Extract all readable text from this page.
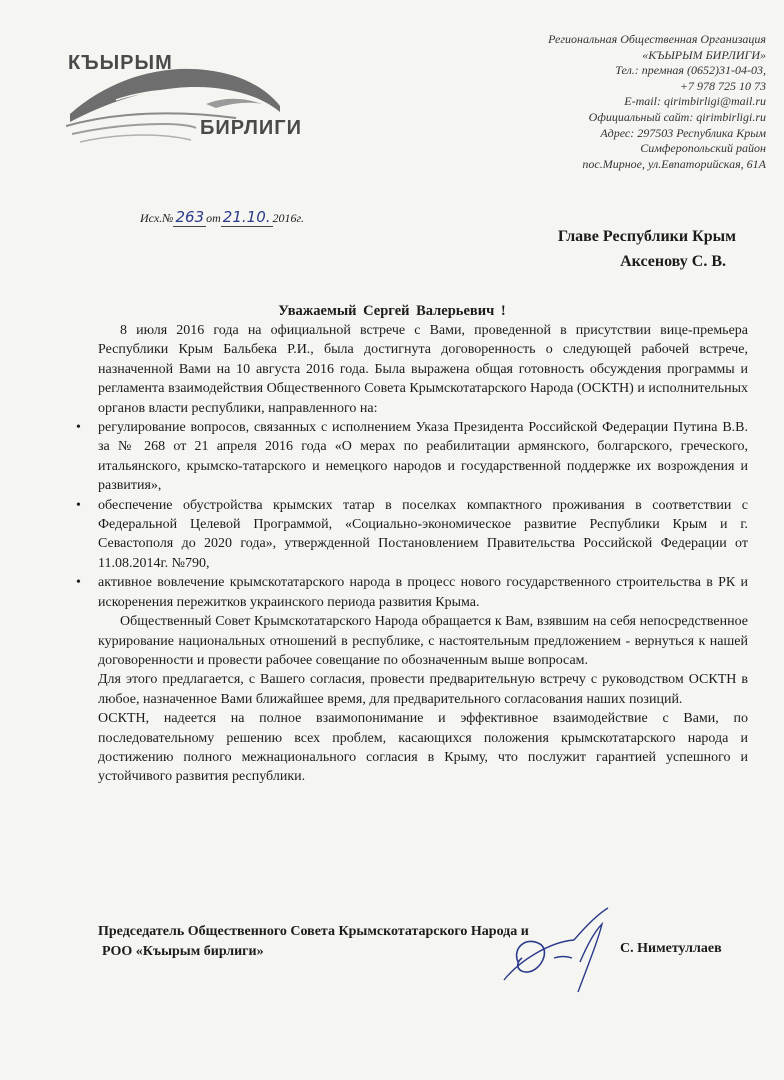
КЪЫРЫМ
БИРЛИГИ
Региональная Общественная Организация
«КЪЫРЫМ БИРЛИГИ»
Тел.: премная (0652)31-04-03,
+7 978 725 10 73
E-mail: qirimbirligi@mail.ru
Официальный сайт: qirimbirligi.ru
Адрес: 297503 Республика Крым
Симферопольский район
пос.Мирное, ул.Евпаторийская, 61А
Исх.№ 263 от 21.10. 2016г.
Главе Республики Крым
Аксенову С. В.
Уважаемый Сергей Валерьевич !

8 июля 2016 года на официальной встрече с Вами, проведенной в присутствии вице-премьера Республики Крым Бальбека Р.И., была достигнута договоренность о следующей рабочей встрече, назначенной Вами на 10 августа 2016 года. Была выражена общая готовность обсуждения программы и регламента взаимодействия Общественного Совета Крымскотатарского Народа (ОСКТН) и исполнительных органов власти республики, направленного на:

• регулирование вопросов, связанных с исполнением Указа Президента Российской Федерации Путина В.В. за № 268 от 21 апреля 2016 года «О мерах по реабилитации армянского, болгарского, греческого, итальянского, крымско-татарского и немецкого народов и государственной поддержке их возрождения и развития»,
• обеспечение обустройства крымских татар в поселках компактного проживания в соответствии с Федеральной Целевой Программой, «Социально-экономическое развитие Республики Крым и г. Севастополя до 2020 года», утвержденной Постановлением Правительства Российской Федерации от 11.08.2014г. №790,
• активное вовлечение крымскотатарского народа в процесс нового государственного строительства в РК и искоренения пережитков украинского периода развития Крыма.

Общественный Совет Крымскотатарского Народа обращается к Вам, взявшим на себя непосредственное курирование национальных отношений в республике, с настоятельным предложением - вернуться к нашей договоренности и провести рабочее совещание по обозначенным выше вопросам.

Для этого предлагается, с Вашего согласия, провести предварительную встречу с руководством ОСКТН в любое, назначенное Вами ближайшее время, для предварительного согласования наших позиций.

ОСКТН, надеется на полное взаимопонимание и эффективное взаимодействие с Вами, по последовательному решению всех проблем, касающихся положения крымскотатарского народа и достижению полного межнационального согласия в Крыму, что послужит гарантией успешного и устойчивого развития республики.

Председатель Общественного Совета Крымскотатарского Народа и
РОО «Къырым бирлиги»	С. Ниметуллаев
